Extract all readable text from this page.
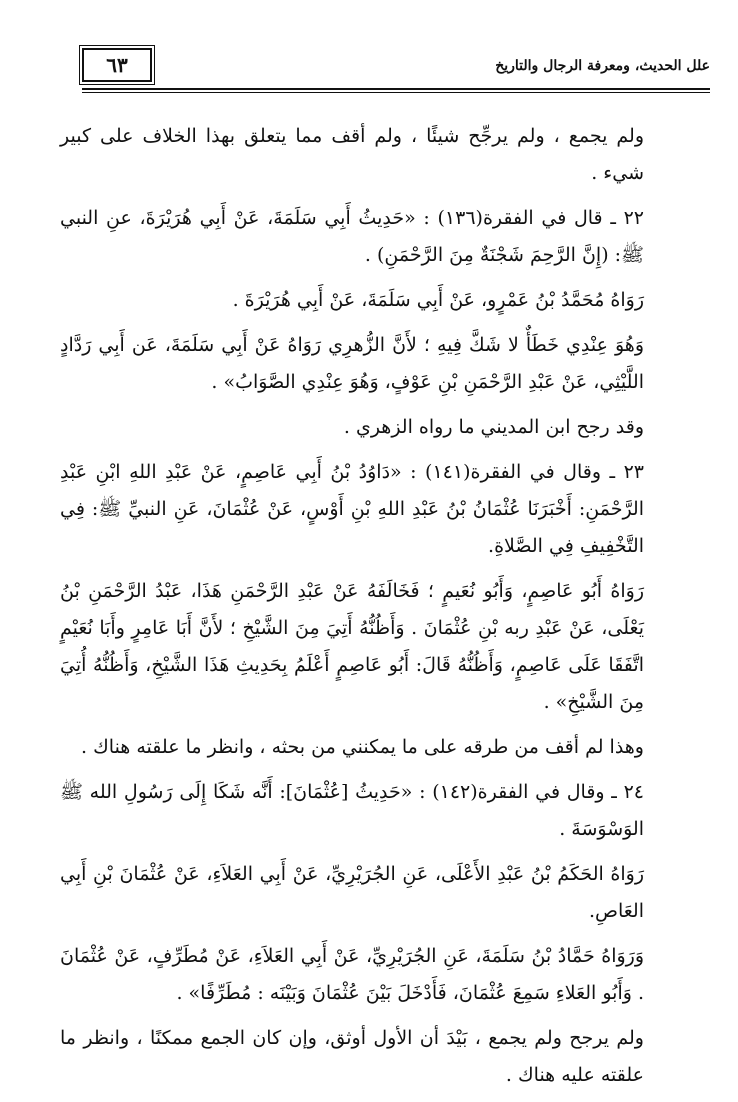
علل الحديث، ومعرفة الرجال والتاريخ
٦٣

ولم يجمع ، ولم يرجِّح شيئًا ، ولم أقف مما يتعلق بهذا الخلاف على كبير شيء .

٢٢ ـ قال في الفقرة(١٣٦) : «حَدِيثُ أَبِي سَلَمَةَ، عَنْ أَبِي هُرَيْرَةَ، عنِ النبي ﷺ: (إِنَّ الرَّحِمَ شَجْنَةٌ مِنَ الرَّحْمَنِ) .

رَوَاهُ مُحَمَّدُ بْنُ عَمْرٍو، عَنْ أَبِي سَلَمَةَ، عَنْ أَبِي هُرَيْرَةَ .

وَهُوَ عِنْدِي خَطَأٌ لا شَكَّ فِيهِ ؛ لأَنَّ الزُّهرِي رَوَاهُ عَنْ أَبِي سَلَمَةَ، عَن أَبِي رَدَّادٍ اللَّيْثِي، عَنْ عَبْدِ الرَّحْمَنِ بْنِ عَوْفٍ، وَهُوَ عِنْدِي الصَّوَابُ» .

وقد رجح ابن المديني ما رواه الزهري .

٢٣ ـ وقال في الفقرة(١٤١) : «دَاوُدُ بْنُ أَبِي عَاصِمٍ، عَنْ عَبْدِ اللهِ ابْنِ عَبْدِ الرَّحْمَنِ: أَخْبَرَنَا عُثْمَانُ بْنُ عَبْدِ اللهِ بْنِ أَوْسٍ، عَنْ عُثْمَانَ، عَنِ النبيِّ ﷺ: فِي التَّخْفِيفِ فِي الصَّلاةِ.

رَوَاهُ أَبُو عَاصِمٍ، وَأَبُو نُعَيمٍ ؛ فَخَالَفَهُ عَنْ عَبْدِ الرَّحْمَنِ هَذَا، عَبْدُ الرَّحْمَنِ بْنُ يَعْلَى، عَنْ عَبْدِ ربه بْنِ عُثْمَانَ . وَأَظُنُّهُ أَتِيَ مِنَ الشَّيْخِ ؛ لأَنَّ أَبَا عَامِرٍ وأَبَا نُعَيْمٍ اتَّفَقَا عَلَى عَاصِمٍ، وَأَظُنُّهُ قَالَ: أَبُو عَاصِمٍ أَعْلَمُ بِحَدِيثِ هَذَا الشَّيْخِ، وَأَظُنُّهُ أُتِيَ مِنَ الشَّيْخِ» .

وهذا لم أقف من طرقه على ما يمكنني من بحثه ، وانظر ما علقته هناك .

٢٤ ـ وقال في الفقرة(١٤٢) : «حَدِيثُ [عُثْمَانَ]: أَنَّه شَكَا إِلَى رَسُولِ الله ﷺ الوَسْوَسَةَ .

رَوَاهُ الحَكَمُ بْنُ عَبْدِ الأَعْلَى، عَنِ الجُرَيْرِيِّ، عَنْ أَبِي العَلاَءِ، عَنْ عُثْمَانَ بْنِ أَبِي العَاصِ.

وَرَوَاهُ حَمَّادُ بْنُ سَلَمَةَ، عَنِ الجُرَيْرِيِّ، عَنْ أَبِي العَلاَءِ، عَنْ مُطَرِّفٍ، عَنْ عُثْمَانَ . وَأَبُو العَلاءِ سَمِعَ عُثْمَانَ، فَأَدْخَلَ بَيْنَ عُثْمَانَ وَبَيْنَه : مُطَرِّفًا» .

ولم يرجح ولم يجمع ، بَيْدَ أن الأول أوثق، وإن كان الجمع ممكنًا ، وانظر ما علقته عليه هناك .
